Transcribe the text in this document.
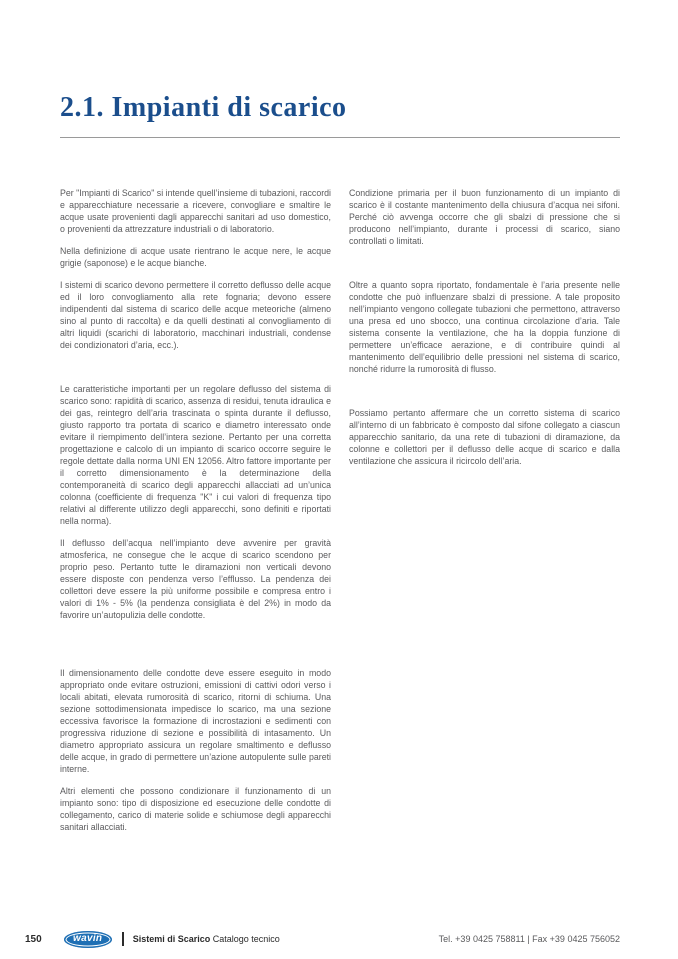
2.1. Impianti di scarico

Per "Impianti di Scarico" si intende quell’insieme di tubazioni, raccordi e apparecchiature necessarie a ricevere, convogliare e smaltire le acque usate provenienti dagli apparecchi sanitari ad uso domestico, o provenienti da attrezzature industriali o di laboratorio.

Nella definizione di acque usate rientrano le acque nere, le acque grigie (saponose) e le acque bianche.

I sistemi di scarico devono permettere il corretto deflusso delle acque ed il loro convogliamento alla rete fognaria; devono essere indipendenti dal sistema di scarico delle acque meteoriche (almeno sino al punto di raccolta) e da quelli destinati al convogliamento di altri liquidi (scarichi di laboratorio, macchinari industriali, condense dei condizionatori d’aria, ecc.).

Le caratteristiche importanti per un regolare deflusso del sistema di scarico sono: rapidità di scarico, assenza di residui, tenuta idraulica e dei gas, reintegro dell’aria trascinata o spinta durante il deflusso, giusto rapporto tra portata di scarico e diametro interessato onde evitare il riempimento dell’intera sezione. Pertanto per una corretta progettazione e calcolo di un impianto di scarico occorre seguire le regole dettate dalla norma UNI EN 12056. Altro fattore importante per il corretto dimensionamento è la determinazione della contemporaneità di scarico degli apparecchi allacciati ad un’unica colonna (coefficiente di frequenza "K" i cui valori di frequenza tipo relativi al differente utilizzo degli apparecchi, sono definiti e riportati nella norma).

Il deflusso dell’acqua nell’impianto deve avvenire per gravità atmosferica, ne consegue che le acque di scarico scendono per proprio peso. Pertanto tutte le diramazioni non verticali devono essere disposte con pendenza verso l’efflusso. La pendenza dei collettori deve essere la più uniforme possibile e compresa entro i valori di 1% - 5% (la pendenza consigliata è del 2%) in modo da favorire un’autopulizia delle condotte.

Il dimensionamento delle condotte deve essere eseguito in modo appropriato onde evitare ostruzioni, emissioni di cattivi odori verso i locali abitati, elevata rumorosità di scarico, ritorni di schiuma. Una sezione sottodimensionata impedisce lo scarico, ma una sezione eccessiva favorisce la formazione di incrostazioni e sedimenti con progressiva riduzione di sezione e possibilità di intasamento. Un diametro appropriato assicura un regolare smaltimento e deflusso delle acque, in grado di permettere un’azione autopulente sulle pareti interne.

Altri elementi che possono condizionare il funzionamento di un impianto sono: tipo di disposizione ed esecuzione delle condotte di collegamento, carico di materie solide e schiumose degli apparecchi sanitari allacciati.

Condizione primaria per il buon funzionamento di un impianto di scarico è il costante mantenimento della chiusura d’acqua nei sifoni. Perché ciò avvenga occorre che gli sbalzi di pressione che si producono nell’impianto, durante i processi di scarico, siano controllati o limitati.

Oltre a quanto sopra riportato, fondamentale è l’aria presente nelle condotte che può influenzare sbalzi di pressione. A tale proposito nell’impianto vengono collegate tubazioni che permettono, attraverso una presa ed uno sbocco, una continua circolazione d’aria. Tale sistema consente la ventilazione, che ha la doppia funzione di permettere un’efficace aerazione, e di contribuire quindi al mantenimento dell’equilibrio delle pressioni nel sistema di scarico, nonché ridurre la rumorosità di flusso.

Possiamo pertanto affermare che un corretto sistema di scarico all’interno di un fabbricato è composto dal sifone collegato a ciascun apparecchio sanitario, da una rete di tubazioni di diramazione, da colonne e collettori per il deflusso delle acque di scarico e dalla ventilazione che assicura il ricircolo dell’aria.

150	wavin	Sistemi di Scarico Catalogo tecnico	Tel. +39 0425 758811 | Fax +39 0425 756052
